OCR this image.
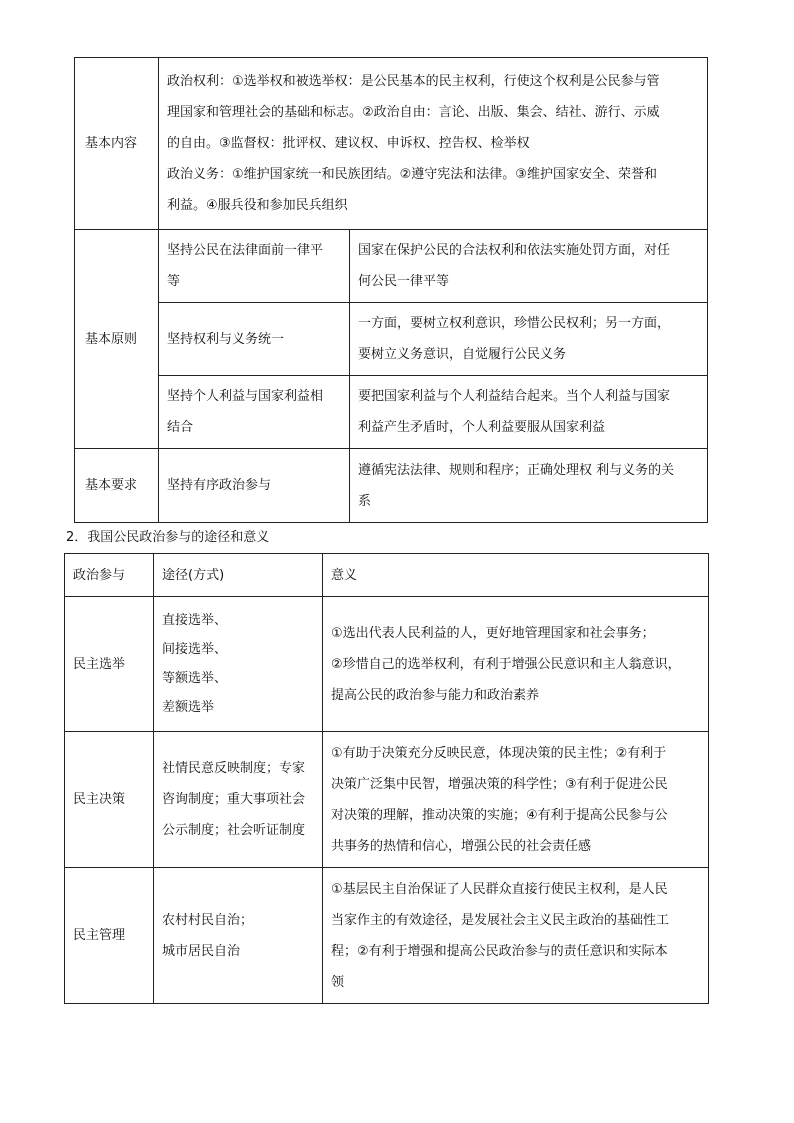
基本内容	政治权利：①选举权和被选举权：是公民基本的民主权利，行使这个权利是公民参与管
理国家和管理社会的基础和标志。②政治自由：言论、出版、集会、结社、游行、示威
的自由。③监督权：批评权、建议权、申诉权、控告权、检举权
政治义务：①维护国家统一和民族团结。②遵守宪法和法律。③维护国家安全、荣誉和
利益。④服兵役和参加民兵组织	

基本原则	坚持公民在法律面前一律平
等	国家在保护公民的合法权利和依法实施处罚方面，对任
何公民一律平等

	坚持权利与义务统一	一方面，要树立权利意识，珍惜公民权利；另一方面，
要树立义务意识，自觉履行公民义务

	坚持个人利益与国家利益相
结合	要把国家利益与个人利益结合起来。当个人利益与国家
利益产生矛盾时，个人利益要服从国家利益

基本要求	坚持有序政治参与	遵循宪法法律、规则和程序；正确处理权 利与义务的关
系
2．我国公民政治参与的途径和意义
政治参与	途径(方式)	意义
民主选举	直接选举、
间接选举、
等额选举、
差额选举	①选出代表人民利益的人，更好地管理国家和社会事务；
②珍惜自己的选举权利，有利于增强公民意识和主人翁意识，
提高公民的政治参与能力和政治素养

民主决策	社情民意反映制度；专家
咨询制度；重大事项社会
公示制度；社会听证制度	①有助于决策充分反映民意，体现决策的民主性；②有利于
决策广泛集中民智，增强决策的科学性；③有利于促进公民
对决策的理解，推动决策的实施；④有利于提高公民参与公
共事务的热情和信心，增强公民的社会责任感

民主管理	农村村民自治；
城市居民自治	①基层民主自治保证了人民群众直接行使民主权利，是人民
当家作主的有效途径，是发展社会主义民主政治的基础性工
程；②有利于增强和提高公民政治参与的责任意识和实际本
领
